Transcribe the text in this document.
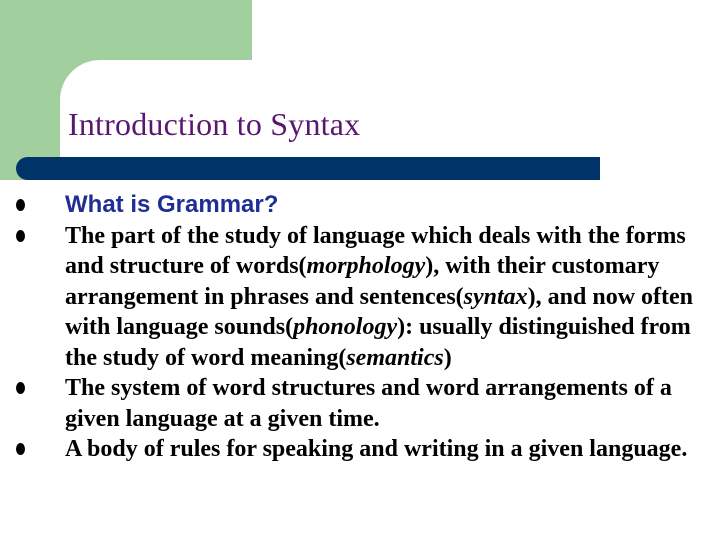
Introduction to Syntax
What is Grammar?
The part of the study of language which deals with the forms and structure of words(morphology), with their customary arrangement in phrases and sentences(syntax), and now often with language sounds(phonology): usually distinguished from the study of word meaning(semantics)
The system of word structures and word arrangements of a given language at a given time.
A body of rules for speaking and writing in a given language.
